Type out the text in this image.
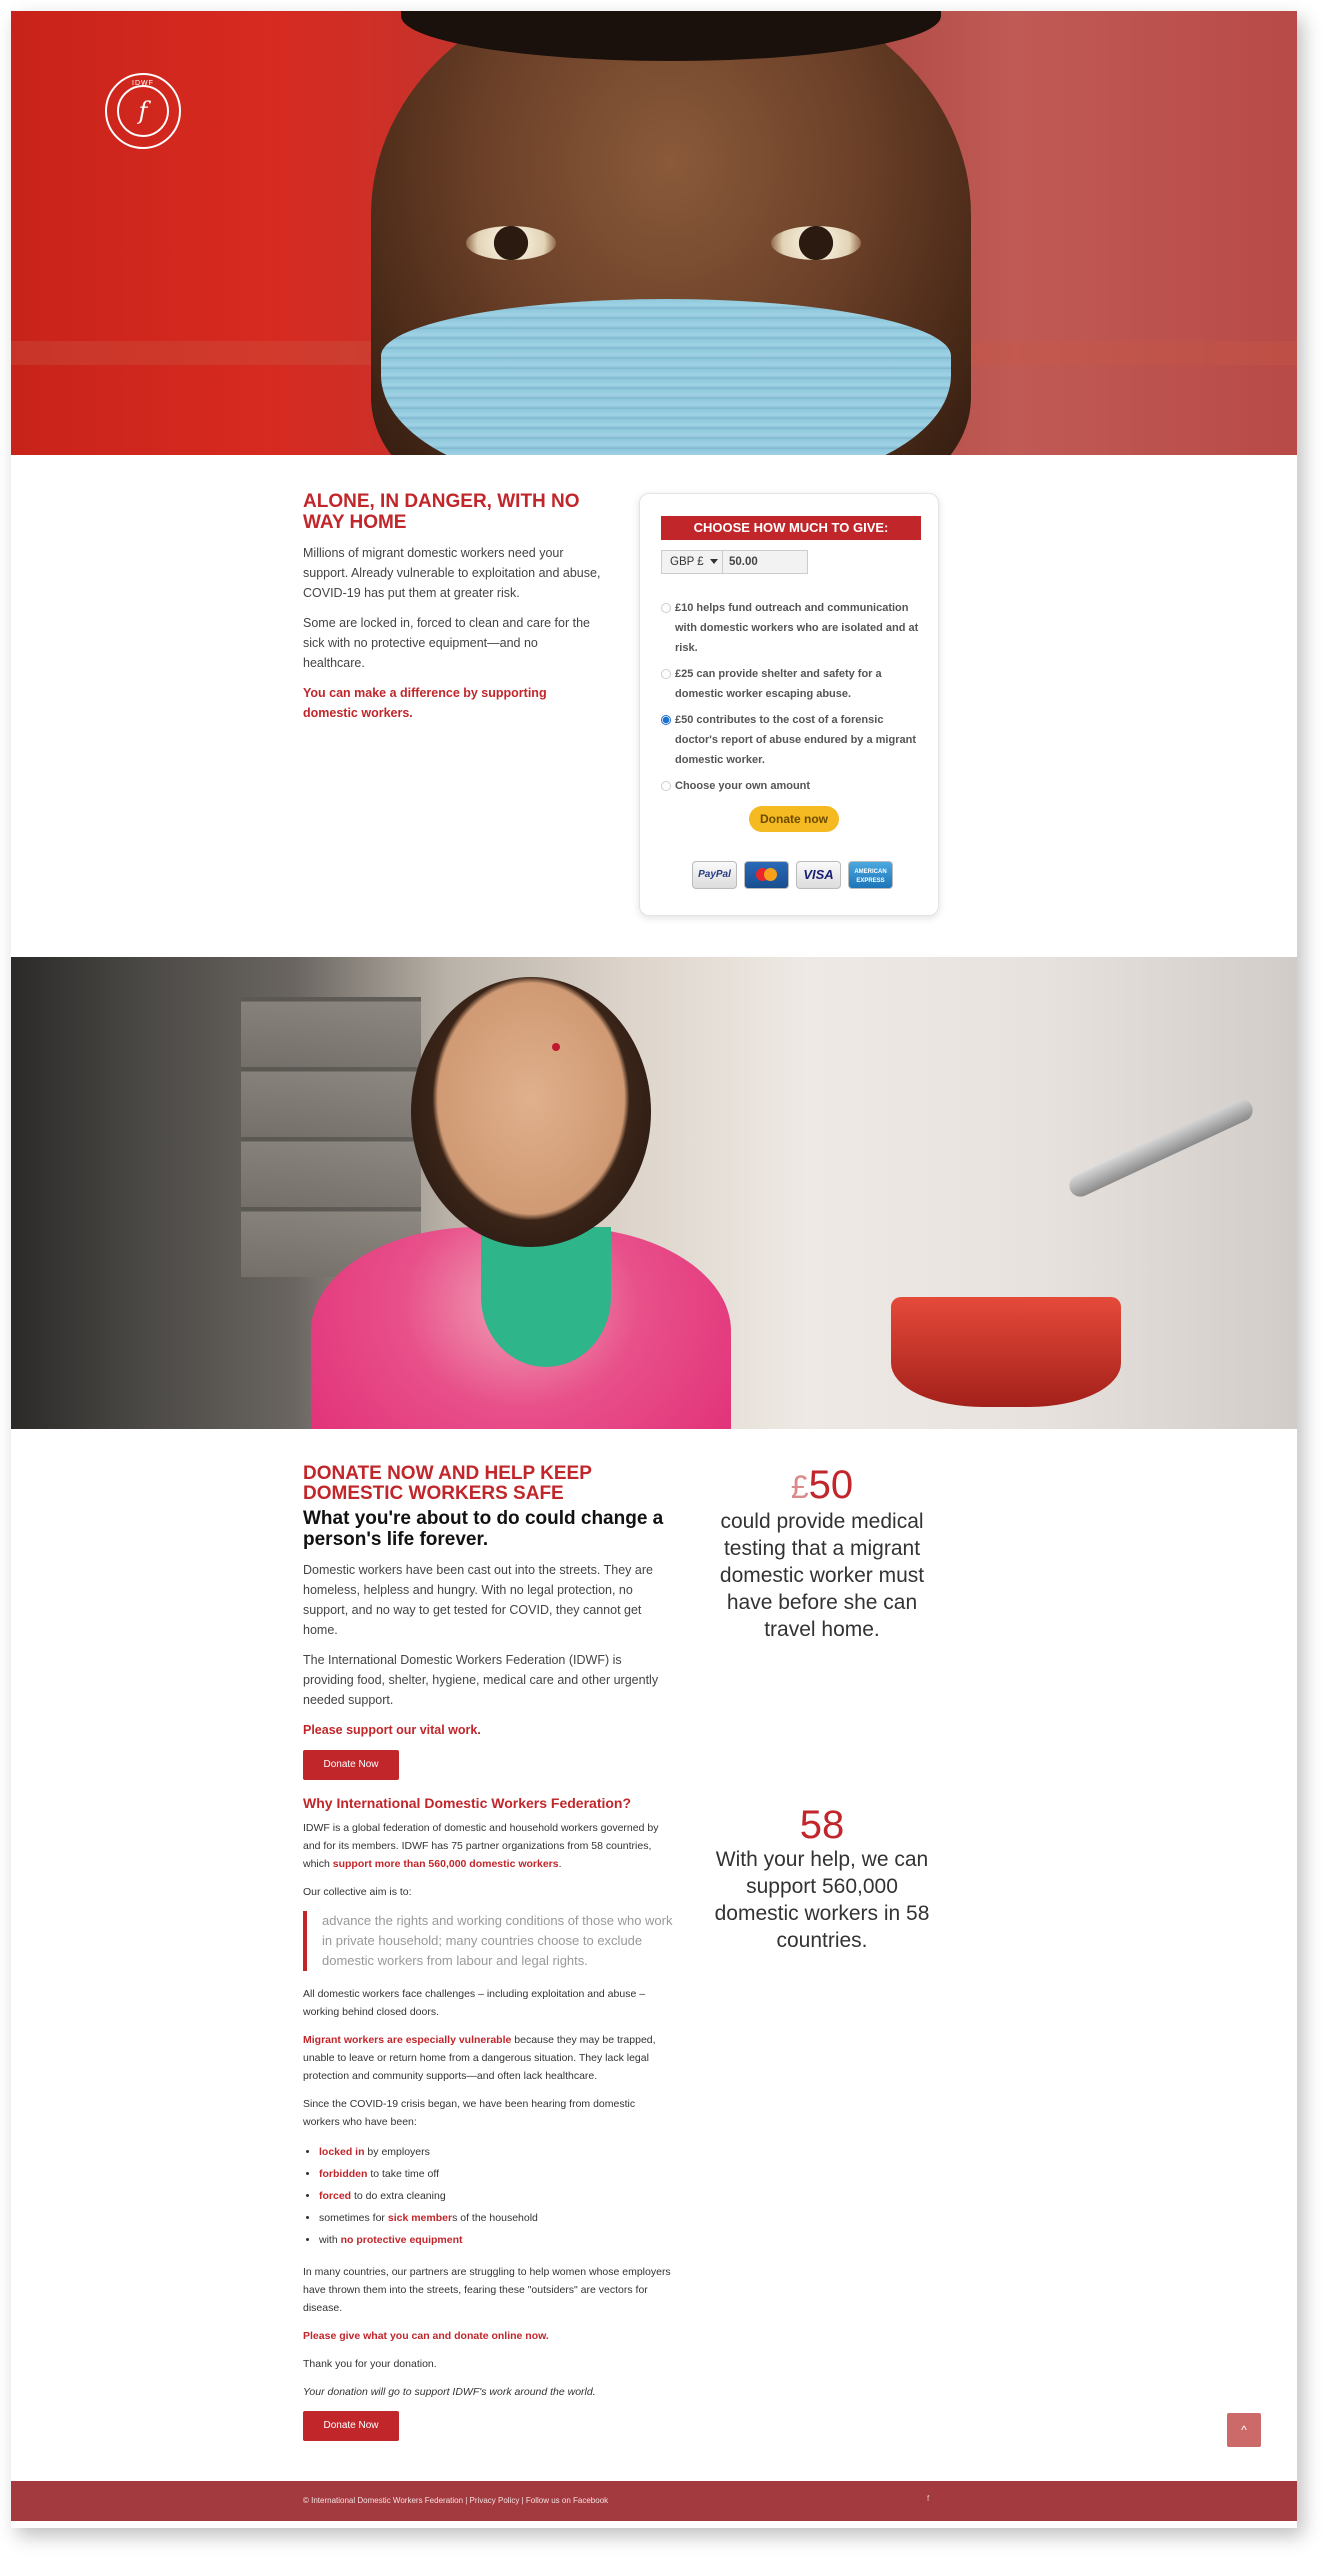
IDWF
f
ALONE, IN DANGER, WITH NO WAY HOME

Millions of migrant domestic workers need your support. Already vulnerable to exploitation and abuse, COVID-19 has put them at greater risk.

Some are locked in, forced to clean and care for the sick with no protective equipment—and no healthcare.

You can make a difference by supporting domestic workers.

CHOOSE HOW MUCH TO GIVE:
GBP £	50.00
£10 helps fund outreach and communication with domestic workers who are isolated and at risk.
£25 can provide shelter and safety for a domestic worker escaping abuse.
£50 contributes to the cost of a forensic doctor's report of abuse endured by a migrant domestic worker.
Choose your own amount
Donate now
PayPal	VISA	AMERICAN EXPRESS
DONATE NOW AND HELP KEEP DOMESTIC WORKERS SAFE
What you're about to do could change a person's life forever.

Domestic workers have been cast out into the streets. They are homeless, helpless and hungry. With no legal protection, no support, and no way to get tested for COVID, they cannot get home.

The International Domestic Workers Federation (IDWF) is providing food, shelter, hygiene, medical care and other urgently needed support.

Please support our vital work.

Donate Now
£50
could provide medical testing that a migrant domestic worker must have before she can travel home.
58
With your help, we can support 560,000 domestic workers in 58 countries.
Why International Domestic Workers Federation?

IDWF is a global federation of domestic and household workers governed by and for its members. IDWF has 75 partner organizations from 58 countries, which support more than 560,000 domestic workers.

Our collective aim is to:

advance the rights and working conditions of those who work in private household; many countries choose to exclude domestic workers from labour and legal rights.

All domestic workers face challenges – including exploitation and abuse – working behind closed doors.

Migrant workers are especially vulnerable because they may be trapped, unable to leave or return home from a dangerous situation. They lack legal protection and community supports—and often lack healthcare.

Since the COVID-19 crisis began, we have been hearing from domestic workers who have been:

• locked in by employers
• forbidden to take time off
• forced to do extra cleaning
• sometimes for sick members of the household
• with no protective equipment

In many countries, our partners are struggling to help women whose employers have thrown them into the streets, fearing these "outsiders" are vectors for disease.

Please give what you can and donate online now.

Thank you for your donation.

Your donation will go to support IDWF's work around the world.

Donate Now	^
© International Domestic Workers Federation | Privacy Policy | Follow us on Facebook	f
